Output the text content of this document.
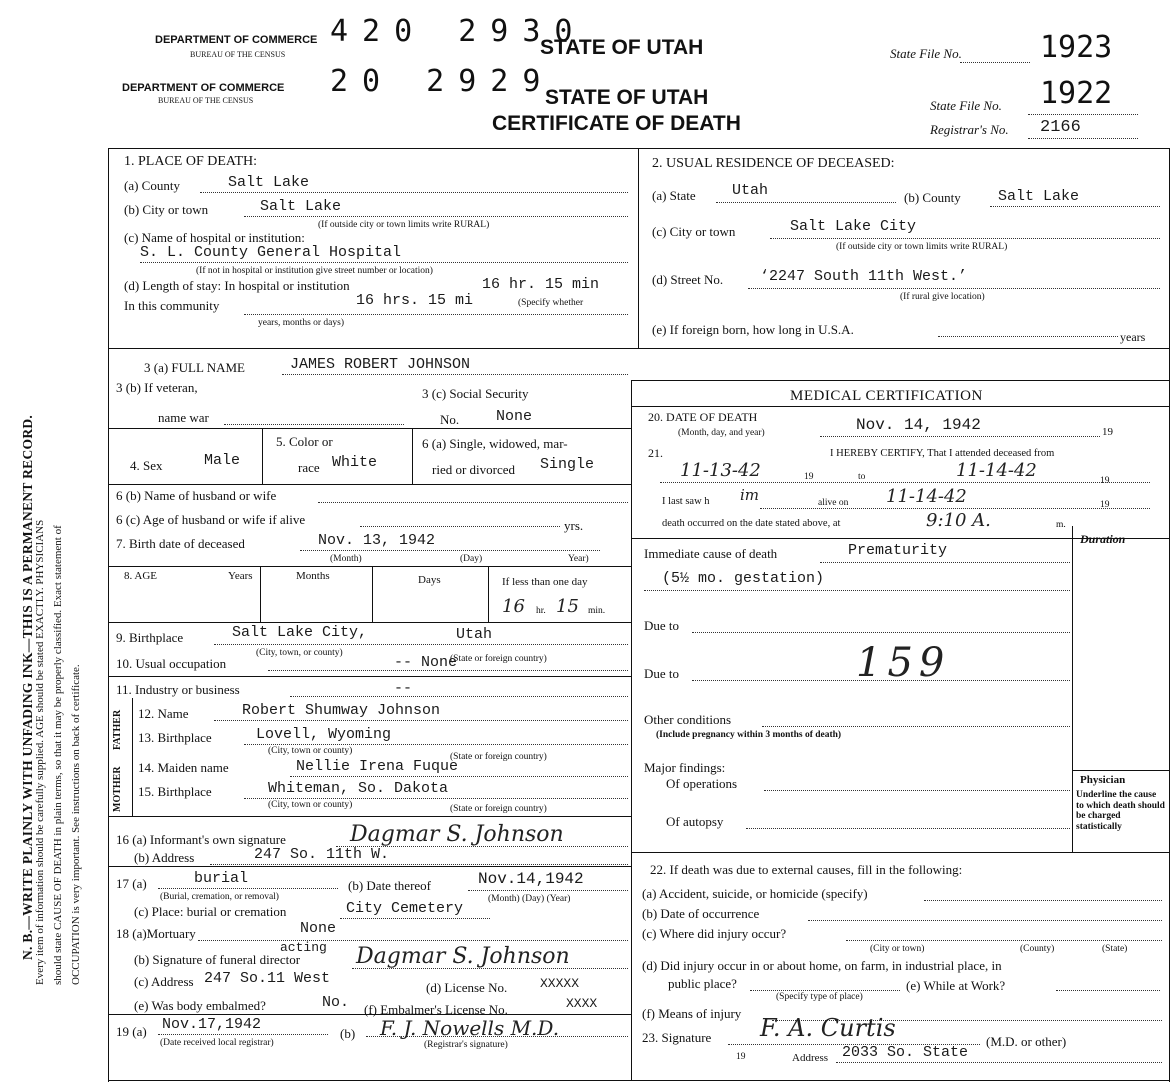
DEPARTMENT OF COMMERCE
BUREAU OF THE CENSUS
420 2930
STATE OF UTAH	State File No.	1923
N. B.—WRITE PLAINLY WITH UNFADING INK—THIS IS A PERMANENT RECORD. Every item of information should be carefully supplied. AGE should be stated EXACTLY. PHYSICIANS should state CAUSE OF DEATH in plain terms, so that it may be properly classified. Exact statement of OCCUPATION is very important. See instructions on back of certificate.
DEPARTMENT OF COMMERCE
BUREAU OF THE CENSUS
20 2929
STATE OF UTAH
CERTIFICATE OF DEATH
State File No. 1922
Registrar's No. 2166
1. PLACE OF DEATH:
(a) County	Salt Lake
(b) City or town	Salt Lake
(If outside city or town limits write RURAL)
(c) Name of hospital or institution:
S. L. County General Hospital
(If not in hospital or institution give street number or location)
(d) Length of stay: In hospital or institution	16 hr. 15 min
In this community	16 hrs. 15 mi	(Specify whether
years, months or days)
2. USUAL RESIDENCE OF DECEASED:
(a) State Utah	(b) County Salt Lake
(c) City or town	Salt Lake City
(If outside city or town limits write RURAL)
(d) Street No. ‘2247 South 11th West.’
(If rural give location)
(e) If foreign born, how long in U.S.A.	years
3 (a) FULL NAME	JAMES ROBERT JOHNSON
3 (b) If veteran,
name war
3 (c) Social Security
No. None
4. Sex	Male
5. Color or
race White
6 (a) Single, widowed, mar-
ried or divorced Single
6 (b) Name of husband or wife
6 (c) Age of husband or wife if alive	yrs.
7. Birth date of deceased	Nov. 13, 1942
(Month)	(Day)	Year)
8. AGE	Years	Months	Days	If less than one day
16 hr. 15 min.
9. Birthplace	Salt Lake City,	Utah
(City, town, or county)
(State or foreign country)
10. Usual occupation	-- None
11. Industry or business	--
FATHER
MOTHER
12. Name	Robert Shumway Johnson
13. Birthplace	Lovell, Wyoming
(City, town or county)
(State or foreign country)
14. Maiden name	Nellie Irena Fuque
15. Birthplace	Whiteman, So. Dakota
(City, town or county)	(State or foreign country)
16 (a) Informant's own signature	Dagmar S. Johnson
(b) Address	247 So. 11th W.
17 (a)	burial
(Burial, cremation, or removal)
(b) Date thereof	Nov.14,1942
(Month) (Day) (Year)
(c) Place: burial or cremation	City Cemetery
18 (a)Mortuary	None
acting
(b) Signature of funeral director	Dagmar S. Johnson
(c) Address 247 So.11 West
(d) License No.	XXXXX
(e) Was body embalmed?	No. (f) Embalmer's License No.	XXXX
19 (a) Nov.17,1942
(Date received local registrar)
(b) F. J. Nowells M.D.
(Registrar's signature)
MEDICAL CERTIFICATION
20. DATE OF DEATH
(Month, day, and year)	Nov. 14, 1942	19
21.	I HEREBY CERTIFY, That I attended deceased from
11-13-42	19	to	11-14-42	19
I last saw h im	alive on 11-14-42	19
death occurred on the date stated above, at	9:10 A.	m.
Duration
Immediate cause of death	Prematurity
(5½ mo. gestation)
Due to
Due to	159
Other conditions
(Include pregnancy within 3 months of death)
Major findings:
Of operations
Of autopsy
Physician
Underline the cause to which death should be charged statistically
22. If death was due to external causes, fill in the following:
(a) Accident, suicide, or homicide (specify)
(b) Date of occurrence
(c) Where did injury occur?
(City or town)	(County)	(State)
(d) Did injury occur in or about home, on farm, in industrial place, in
public place?
(Specify type of place)
(e) While at Work?
(f) Means of injury
23. Signature F. A. Curtis	(M.D. or other)
19	Address 2033 So. State
